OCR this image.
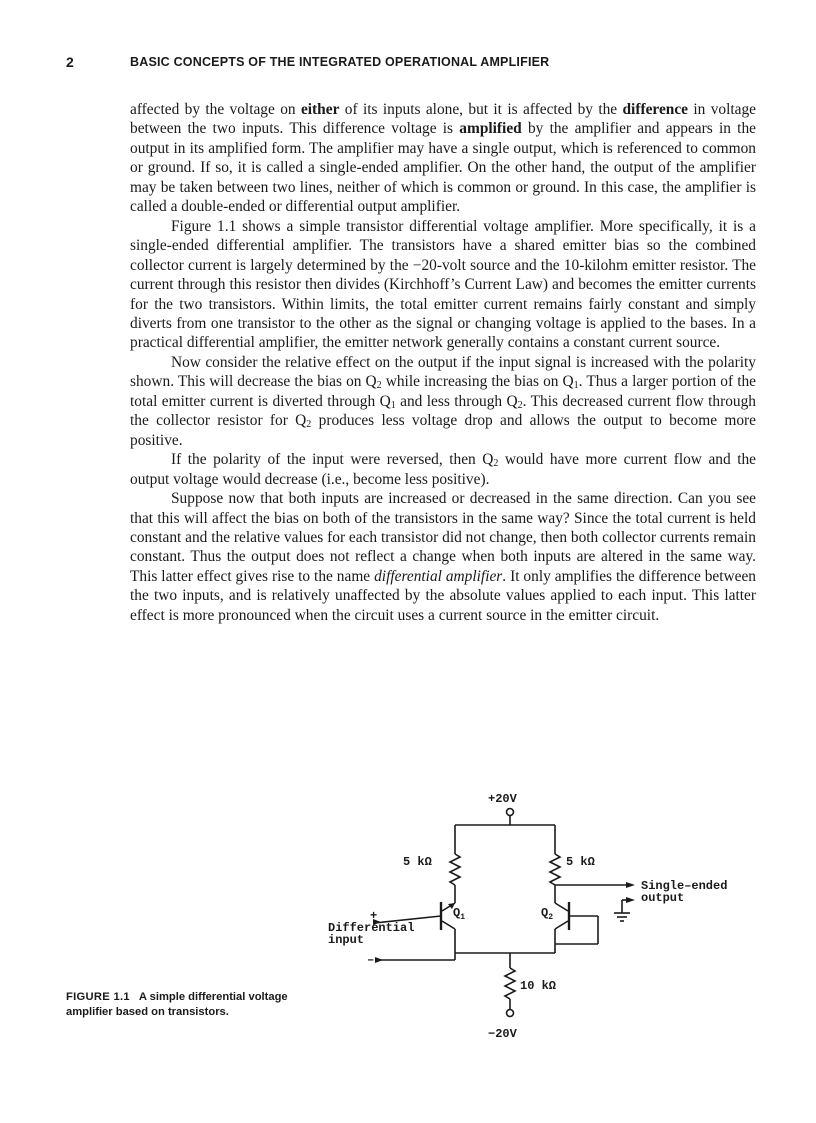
2	BASIC CONCEPTS OF THE INTEGRATED OPERATIONAL AMPLIFIER

affected by the voltage on either of its inputs alone, but it is affected by the difference in voltage between the two inputs. This difference voltage is amplified by the amplifier and appears in the output in its amplified form. The amplifier may have a single output, which is referenced to common or ground. If so, it is called a single-ended amplifier. On the other hand, the output of the amplifier may be taken between two lines, neither of which is common or ground. In this case, the amplifier is called a double-ended or differential output amplifier.

Figure 1.1 shows a simple transistor differential voltage amplifier. More specifically, it is a single-ended differential amplifier. The transistors have a shared emitter bias so the combined collector current is largely determined by the −20-volt source and the 10-kilohm emitter resistor. The current through this resistor then divides (Kirchhoff’s Current Law) and becomes the emitter currents for the two transistors. Within limits, the total emitter current remains fairly constant and simply diverts from one transistor to the other as the signal or changing voltage is applied to the bases. In a practical differential amplifier, the emitter network generally contains a constant current source.

Now consider the relative effect on the output if the input signal is increased with the polarity shown. This will decrease the bias on $Q_2$ while increasing the bias on $Q_1$. Thus a larger portion of the total emitter current is diverted through $Q_1$ and less through $Q_2$. This decreased current flow through the collector resistor for $Q_2$ produces less voltage drop and allows the output to become more positive.

If the polarity of the input were reversed, then $Q_2$ would have more current flow and the output voltage would decrease (i.e., become less positive).

Suppose now that both inputs are increased or decreased in the same direction. Can you see that this will affect the bias on both of the transistors in the same way? Since the total current is held constant and the relative values for each transistor did not change, then both collector currents remain constant. Thus the output does not reflect a change when both inputs are altered in the same way. This latter effect gives rise to the name differential amplifier. It only amplifies the difference between the two inputs, and is relatively unaffected by the absolute values applied to each input. This latter effect is more pronounced when the circuit uses a current source in the emitter circuit.

+20V
5 kΩ	5 kΩ
$Q_1$	$Q_2$
+
Differential
input
–
Single–ended
output
10 kΩ
−20V
FIGURE 1.1 A simple differential voltage amplifier based on transistors.
